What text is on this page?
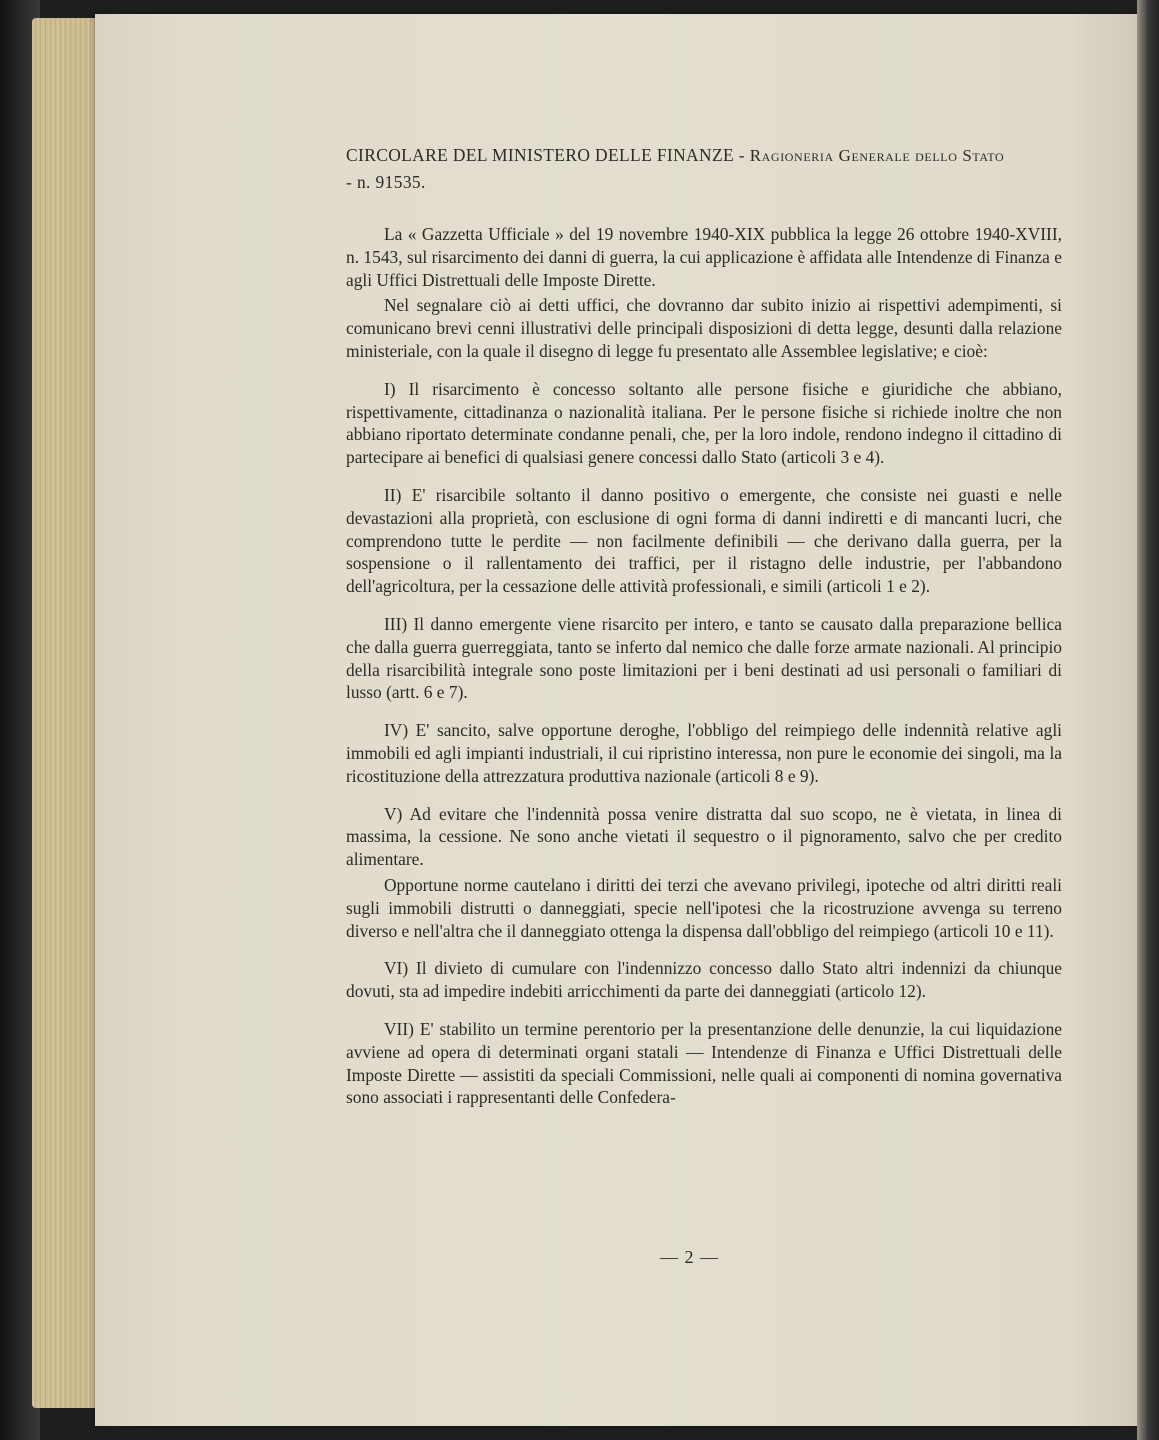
CIRCOLARE DEL MINISTERO DELLE FINANZE - Ragioneria Generale dello Stato
- n. 91535.

La « Gazzetta Ufficiale » del 19 novembre 1940-XIX pubblica la legge 26 ottobre 1940-XVIII, n. 1543, sul risarcimento dei danni di guerra, la cui applicazione è affidata alle Intendenze di Finanza e agli Uffici Distrettuali delle Imposte Dirette.

Nel segnalare ciò ai detti uffici, che dovranno dar subito inizio ai rispettivi adempimenti, si comunicano brevi cenni illustrativi delle principali disposizioni di detta legge, desunti dalla relazione ministeriale, con la quale il disegno di legge fu presentato alle Assemblee legislative; e cioè:

I) Il risarcimento è concesso soltanto alle persone fisiche e giuridiche che abbiano, rispettivamente, cittadinanza o nazionalità italiana. Per le persone fisiche si richiede inoltre che non abbiano riportato determinate condanne penali, che, per la loro indole, rendono indegno il cittadino di partecipare ai benefici di qualsiasi genere concessi dallo Stato (articoli 3 e 4).

II) E' risarcibile soltanto il danno positivo o emergente, che consiste nei guasti e nelle devastazioni alla proprietà, con esclusione di ogni forma di danni indiretti e di mancanti lucri, che comprendono tutte le perdite — non facilmente definibili — che derivano dalla guerra, per la sospensione o il rallentamento dei traffici, per il ristagno delle industrie, per l'abbandono dell'agricoltura, per la cessazione delle attività professionali, e simili (articoli 1 e 2).

III) Il danno emergente viene risarcito per intero, e tanto se causato dalla preparazione bellica che dalla guerra guerreggiata, tanto se inferto dal nemico che dalle forze armate nazionali. Al principio della risarcibilità integrale sono poste limitazioni per i beni destinati ad usi personali o familiari di lusso (artt. 6 e 7).

IV) E' sancito, salve opportune deroghe, l'obbligo del reimpiego delle indennità relative agli immobili ed agli impianti industriali, il cui ripristino interessa, non pure le economie dei singoli, ma la ricostituzione della attrezzatura produttiva nazionale (articoli 8 e 9).

V) Ad evitare che l'indennità possa venire distratta dal suo scopo, ne è vietata, in linea di massima, la cessione. Ne sono anche vietati il sequestro o il pignoramento, salvo che per credito alimentare.

Opportune norme cautelano i diritti dei terzi che avevano privilegi, ipoteche od altri diritti reali sugli immobili distrutti o danneggiati, specie nell'ipotesi che la ricostruzione avvenga su terreno diverso e nell'altra che il danneggiato ottenga la dispensa dall'obbligo del reimpiego (articoli 10 e 11).

VI) Il divieto di cumulare con l'indennizzo concesso dallo Stato altri indennizi da chiunque dovuti, sta ad impedire indebiti arricchimenti da parte dei danneggiati (articolo 12).

VII) E' stabilito un termine perentorio per la presentanzione delle denunzie, la cui liquidazione avviene ad opera di determinati organi statali — Intendenze di Finanza e Uffici Distrettuali delle Imposte Dirette — assistiti da speciali Commissioni, nelle quali ai componenti di nomina governativa sono associati i rappresentanti delle Confedera-

— 2 —
